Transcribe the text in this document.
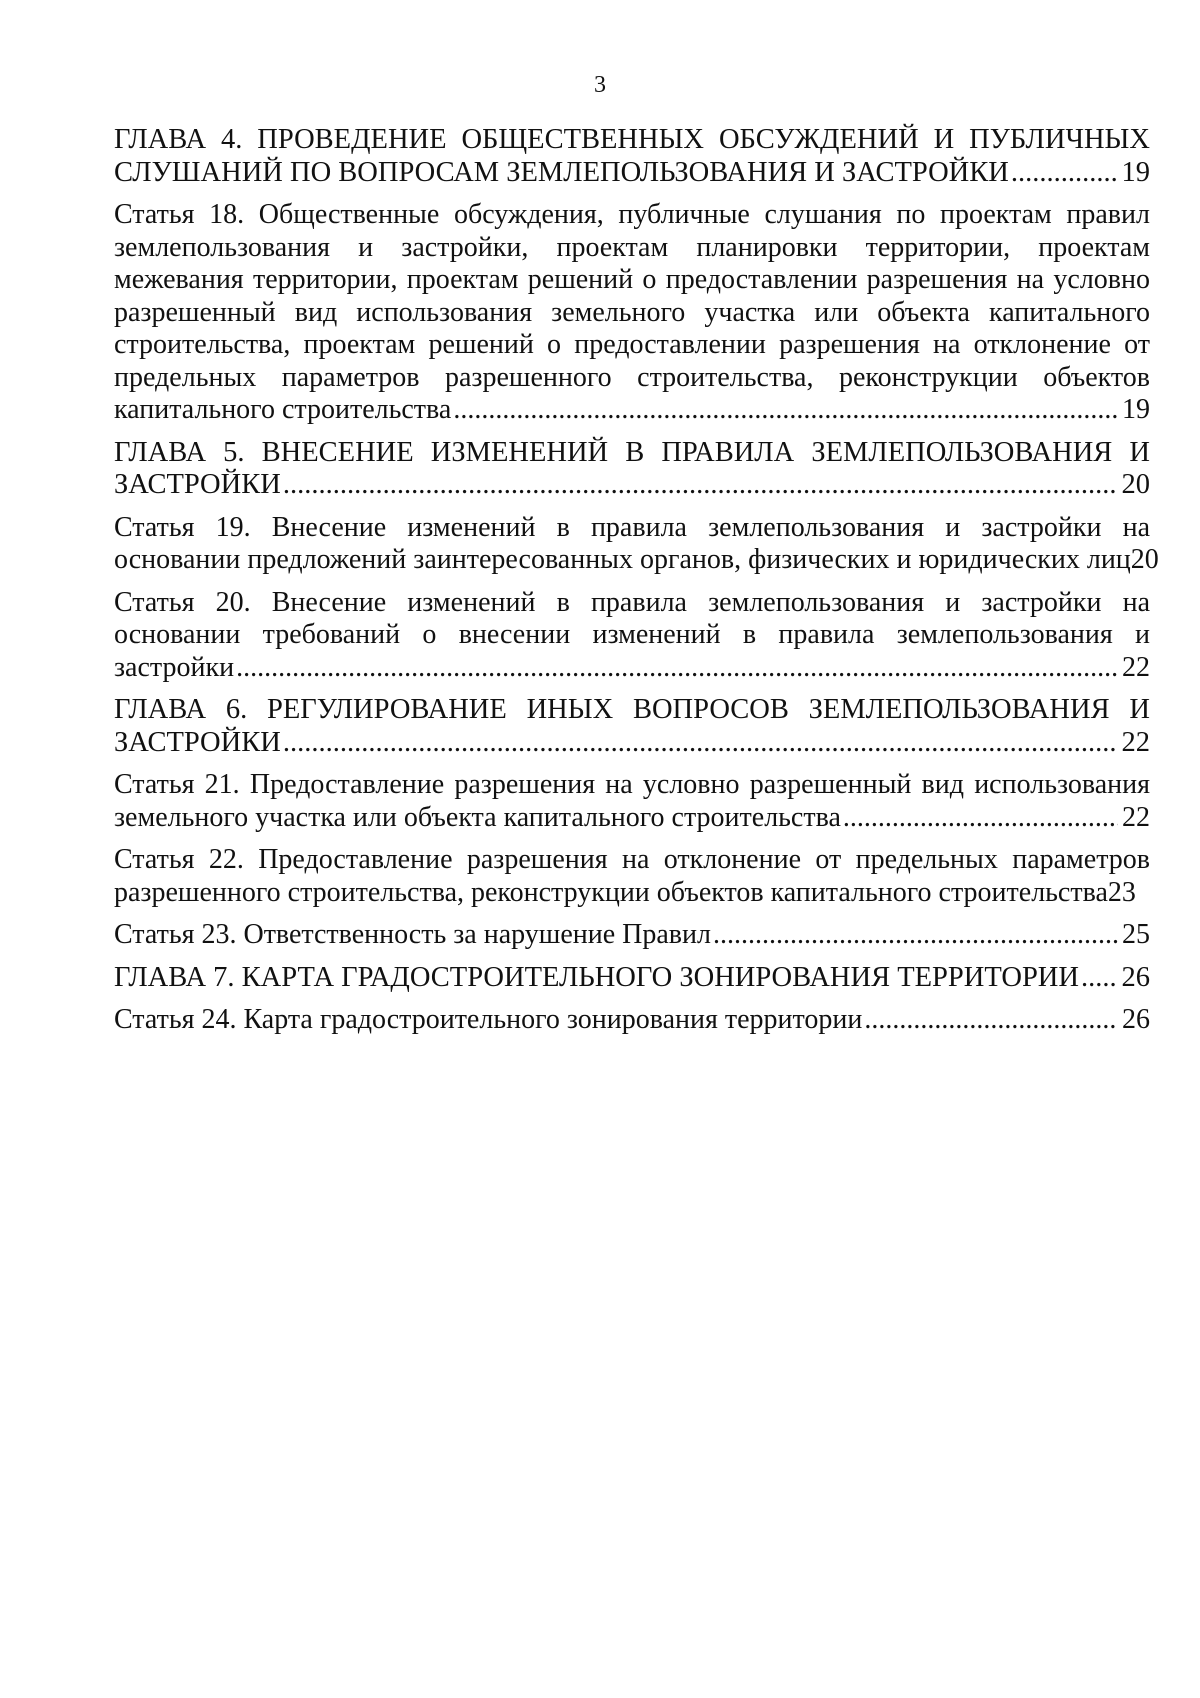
3
ГЛАВА 4. ПРОВЕДЕНИЕ ОБЩЕСТВЕННЫХ ОБСУЖДЕНИЙ И ПУБЛИЧНЫХ
СЛУШАНИЙ ПО ВОПРОСАМ ЗЕМЛЕПОЛЬЗОВАНИЯ И ЗАСТРОЙКИ .....	19
Статья 18. Общественные обсуждения, публичные слушания по проектам правил
землепользования и застройки, проектам планировки территории, проектам
межевания территории, проектам решений о предоставлении разрешения на условно
разрешенный вид использования земельного участка или объекта капитального
строительства, проектам решений о предоставлении разрешения на отклонение от
предельных параметров разрешенного строительства, реконструкции объектов
капитального строительства .....	19
ГЛАВА 5. ВНЕСЕНИЕ ИЗМЕНЕНИЙ В ПРАВИЛА ЗЕМЛЕПОЛЬЗОВАНИЯ И
ЗАСТРОЙКИ .....	20
Статья 19. Внесение изменений в правила землепользования и застройки на
основании предложений заинтересованных органов, физических и юридических лиц 20
Статья 20. Внесение изменений в правила землепользования и застройки на
основании требований о внесении изменений в правила землепользования и
застройки .....	22
ГЛАВА 6. РЕГУЛИРОВАНИЕ ИНЫХ ВОПРОСОВ ЗЕМЛЕПОЛЬЗОВАНИЯ И
ЗАСТРОЙКИ .....	22
Статья 21. Предоставление разрешения на условно разрешенный вид использования
земельного участка или объекта капитального строительства .....	22
Статья 22. Предоставление разрешения на отклонение от предельных параметров
разрешенного строительства, реконструкции объектов капитального строительства 23
Статья 23. Ответственность за нарушение Правил .....	25
ГЛАВА 7. КАРТА ГРАДОСТРОИТЕЛЬНОГО ЗОНИРОВАНИЯ ТЕРРИТОРИИ ..... 26
Статья 24. Карта градостроительного зонирования территории .....	26
